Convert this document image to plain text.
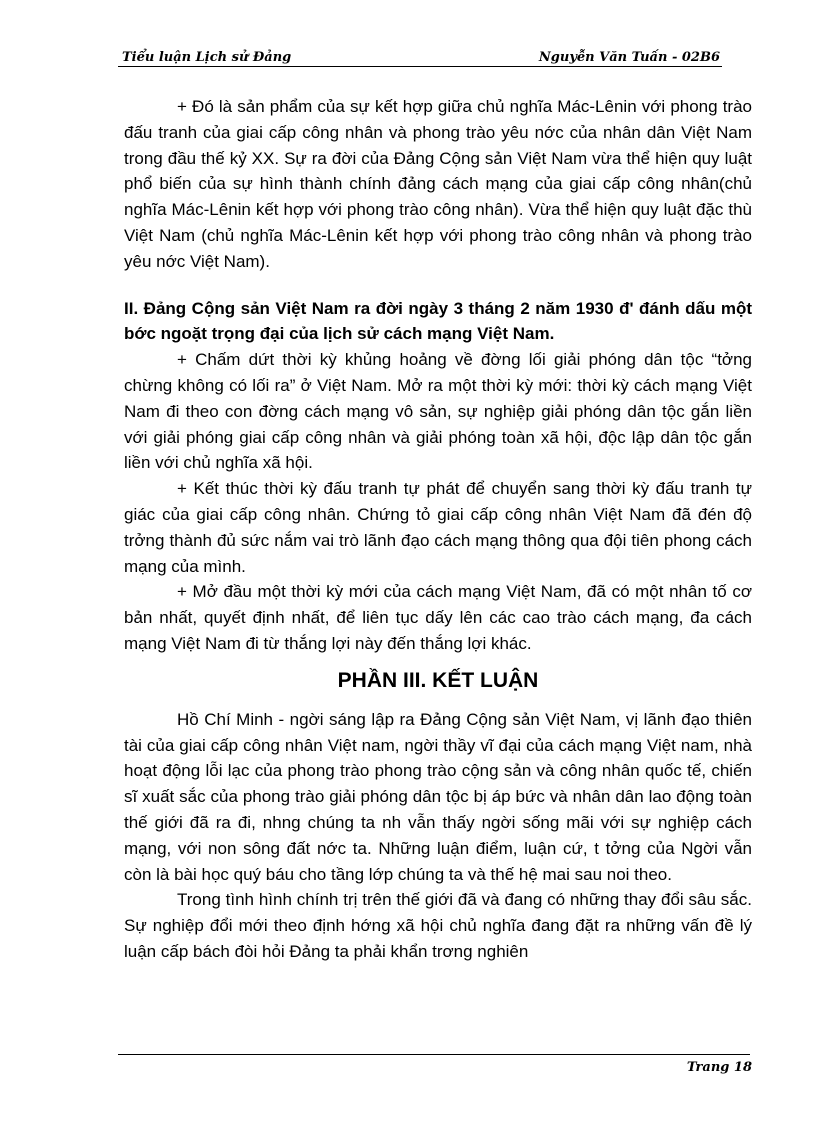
Tiểu luận Lịch sử Đảng	Nguyễn Văn Tuấn - 02B6

+ Đó là sản phẩm của sự kết hợp giữa chủ nghĩa Mác-Lênin với phong trào đấu tranh của giai cấp công nhân và phong trào yêu nớc của nhân dân Việt Nam trong đầu thế kỷ XX. Sự ra đời của Đảng Cộng sản Việt Nam vừa thể hiện quy luật phổ biến của sự hình thành chính đảng cách mạng của giai cấp công nhân(chủ nghĩa Mác-Lênin kết hợp với phong trào công nhân). Vừa thể hiện quy luật đặc thù Việt Nam (chủ nghĩa Mác-Lênin kết hợp với phong trào công nhân và phong trào yêu nớc Việt Nam).

II. Đảng Cộng sản Việt Nam ra đời ngày 3 tháng 2 năm 1930 đ' đánh dấu một bớc ngoặt trọng đại của lịch sử cách mạng Việt Nam.

+ Chấm dứt thời kỳ khủng hoảng về đờng lối giải phóng dân tộc “tởng chừng không có lối ra” ở Việt Nam. Mở ra một thời kỳ mới: thời kỳ cách mạng Việt Nam đi theo con đờng cách mạng vô sản, sự nghiệp giải phóng dân tộc gắn liền với giải phóng giai cấp công nhân và giải phóng toàn xã hội, độc lập dân tộc gắn liền với chủ nghĩa xã hội.

+ Kết thúc thời kỳ đấu tranh tự phát để chuyển sang thời kỳ đấu tranh tự giác của giai cấp công nhân. Chứng tỏ giai cấp công nhân Việt Nam đã đén độ trởng thành đủ sức nắm vai trò lãnh đạo cách mạng thông qua đội tiên phong cách mạng của mình.

+ Mở đầu một thời kỳ mới của cách mạng Việt Nam, đã có một nhân tố cơ bản nhất, quyết định nhất, để liên tục dấy lên các cao trào cách mạng, đa cách mạng Việt Nam đi từ thắng lợi này đến thắng lợi khác.

PHẦN III. KẾT LUẬN

Hồ Chí Minh - ngời sáng lập ra Đảng Cộng sản Việt Nam, vị lãnh đạo thiên tài của giai cấp công nhân Việt nam, ngời thầy vĩ đại của cách mạng Việt nam, nhà hoạt động lỗi lạc của phong trào phong trào cộng sản và công nhân quốc tế, chiến sĩ xuất sắc của phong trào giải phóng dân tộc bị áp bức và nhân dân lao động toàn thế giới đã ra đi, nhng chúng ta nh vẫn thấy ngời sống mãi với sự nghiệp cách mạng, với non sông đất nớc ta. Những luận điểm, luận cứ, t tởng của Ngời vẫn còn là bài học quý báu cho tầng lớp chúng ta và thế hệ mai sau noi theo.

Trong tình hình chính trị trên thế giới đã và đang có những thay đổi sâu sắc. Sự nghiệp đổi mới theo định hớng xã hội chủ nghĩa đang đặt ra những vấn đề lý luận cấp bách đòi hỏi Đảng ta phải khẩn trơng nghiên

Trang 18
